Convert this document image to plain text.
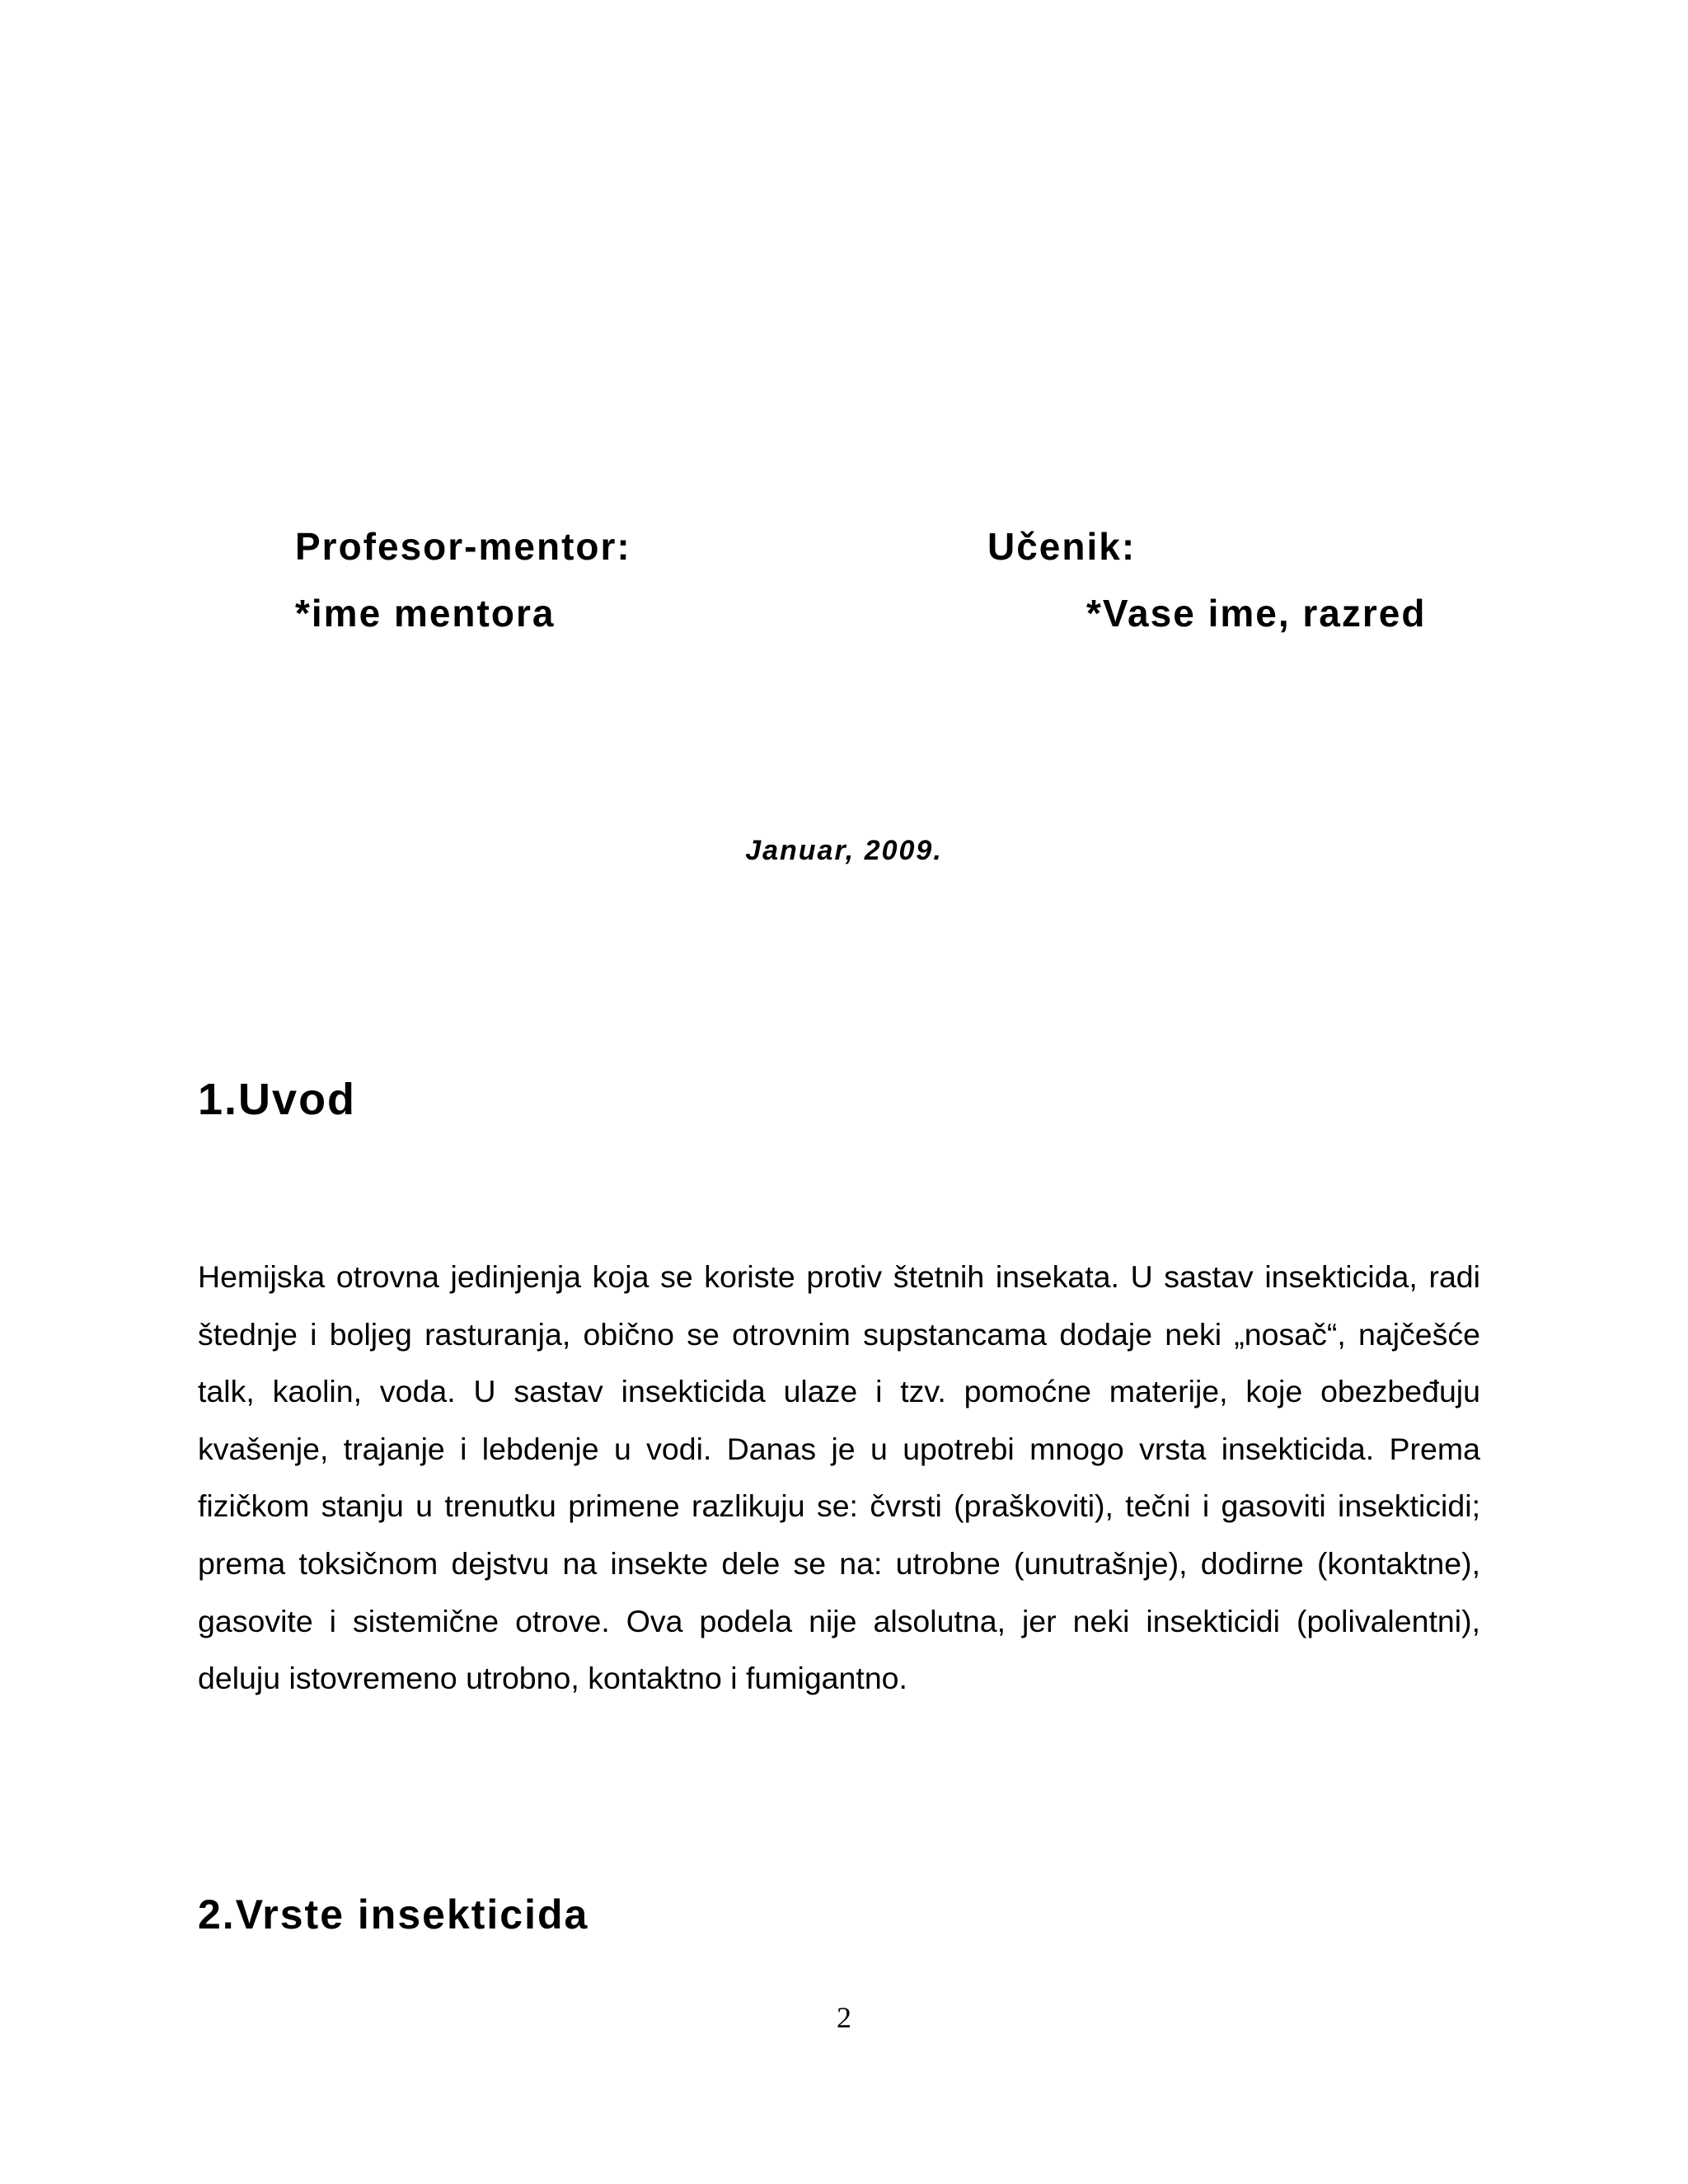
Profesor-mentor:
*ime mentora
Učenik:
*Vase ime, razred
Januar, 2009.
1.Uvod

Hemijska otrovna jedinjenja koja se koriste protiv štetnih insekata. U sastav insekticida, radi štednje i boljeg rasturanja, obično se otrovnim supstancama dodaje neki „nosač“, najčešće talk, kaolin, voda. U sastav insekticida ulaze i tzv. pomoćne materije, koje obezbeđuju kvašenje, trajanje i lebdenje u vodi. Danas je u upotrebi mnogo vrsta insekticida. Prema fizičkom stanju u trenutku primene razlikuju se: čvrsti (praškoviti), tečni i gasoviti insekticidi; prema toksičnom dejstvu na insekte dele se na: utrobne (unutrašnje), dodirne (kontaktne), gasovite i sistemične otrove. Ova podela nije alsolutna, jer neki insekticidi (polivalentni), deluju istovremeno utrobno, kontaktno i fumigantno.

2.Vrste insekticida
2
